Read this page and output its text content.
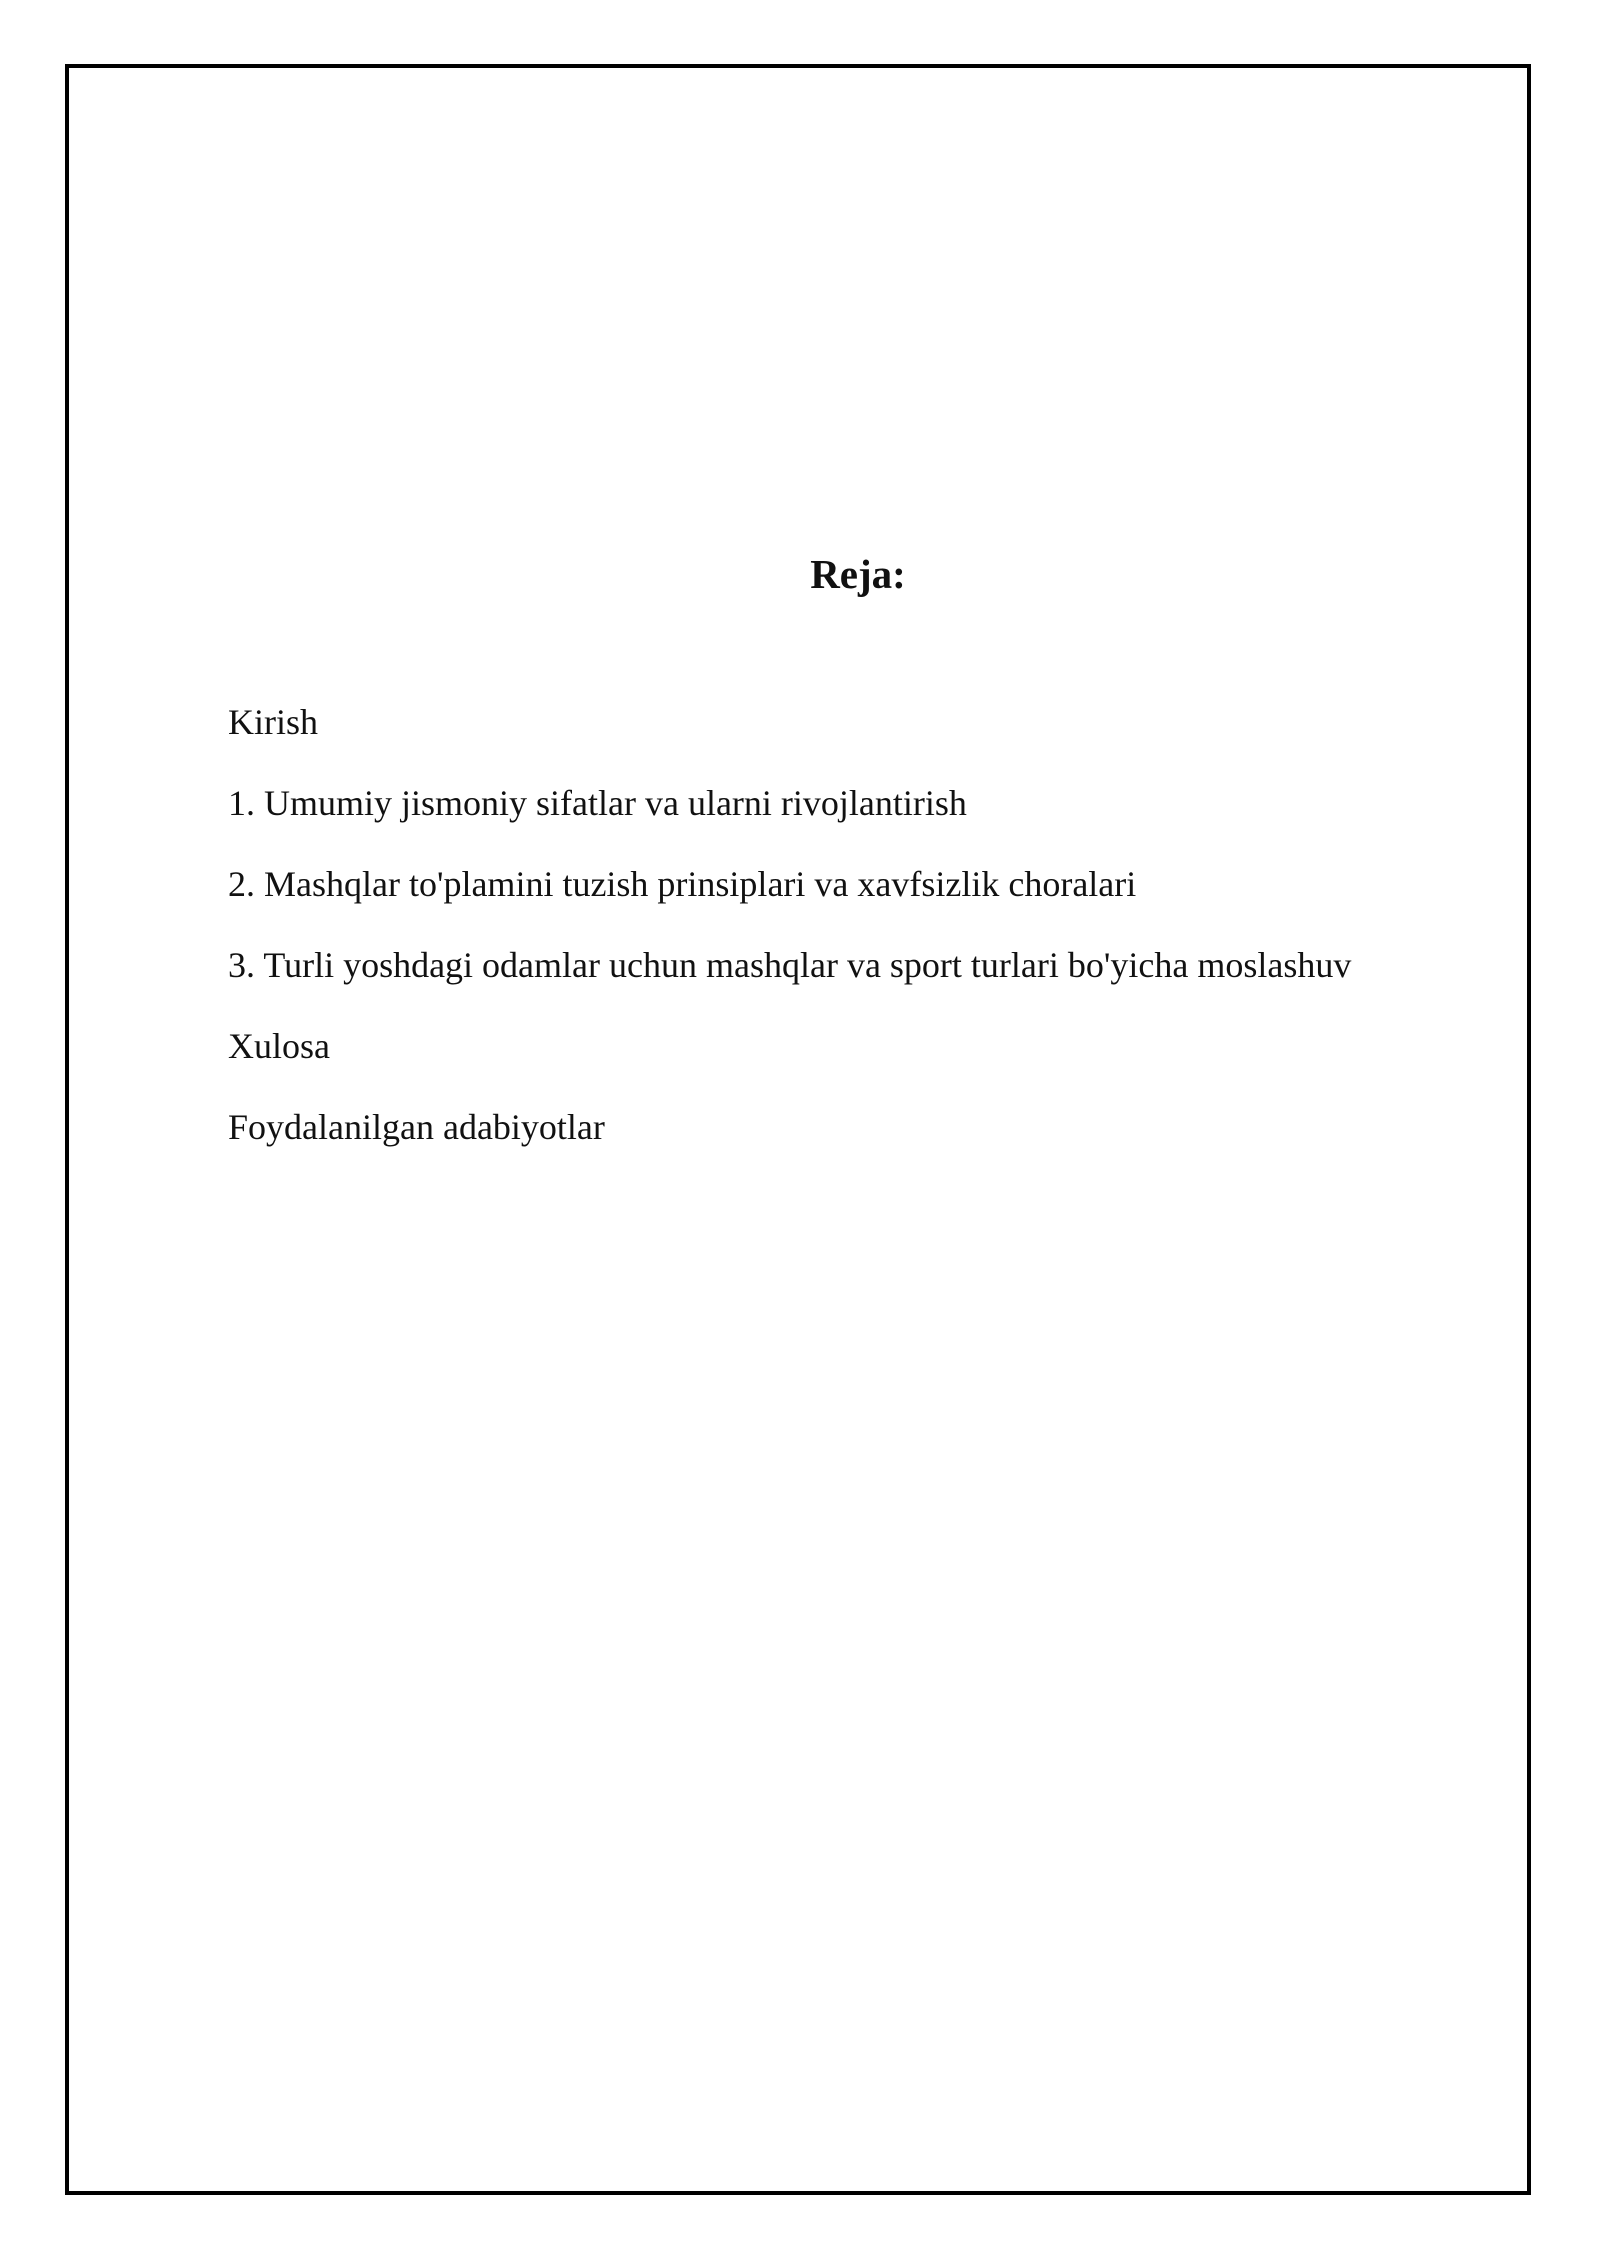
Reja:
Kirish
1. Umumiy jismoniy sifatlar va ularni rivojlantirish
2. Mashqlar to'plamini tuzish prinsiplari va xavfsizlik choralari
3. Turli yoshdagi odamlar uchun mashqlar va sport turlari bo'yicha moslashuv
Xulosa
Foydalanilgan adabiyotlar
